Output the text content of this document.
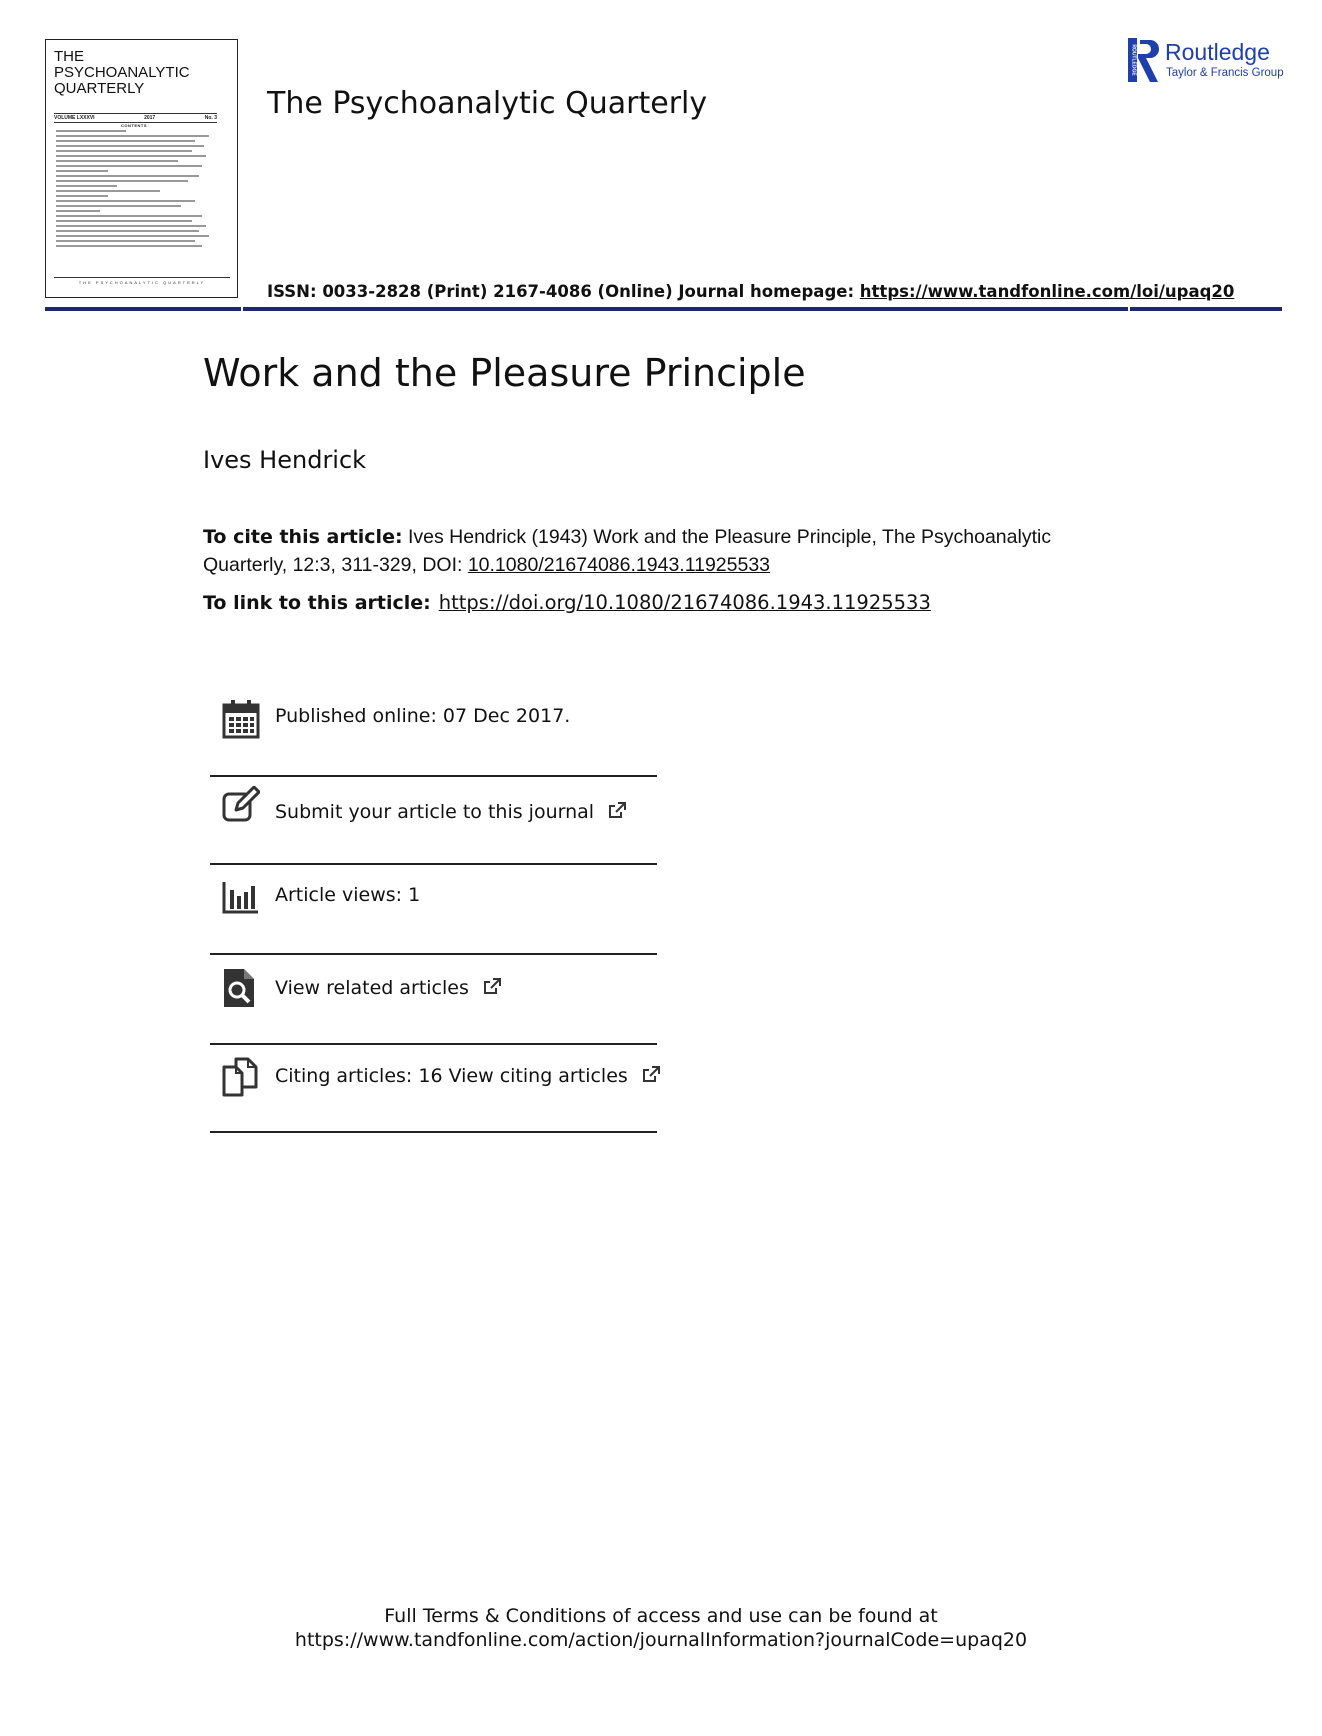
THE
PSYCHOANALYTIC
QUARTERLY
VOLUME LXXXVI	2017	No. 3
CONTENTS
THE PSYCHOANALYTIC QUARTERLY
The Psychoanalytic Quarterly
ISSN: 0033-2828 (Print) 2167-4086 (Online) Journal homepage: https://www.tandfonline.com/loi/upaq20
ROUTLEDGE Routledge
Taylor & Francis Group
Work and the Pleasure Principle
Ives Hendrick
To cite this article: Ives Hendrick (1943) Work and the Pleasure Principle, The Psychoanalytic Quarterly, 12:3, 311-329, DOI: 10.1080/21674086.1943.11925533
To link to this article: https://doi.org/10.1080/21674086.1943.11925533
Published online: 07 Dec 2017.
Submit your article to this journal
Article views: 1
View related articles
Citing articles: 16 View citing articles
Full Terms & Conditions of access and use can be found at
https://www.tandfonline.com/action/journalInformation?journalCode=upaq20
